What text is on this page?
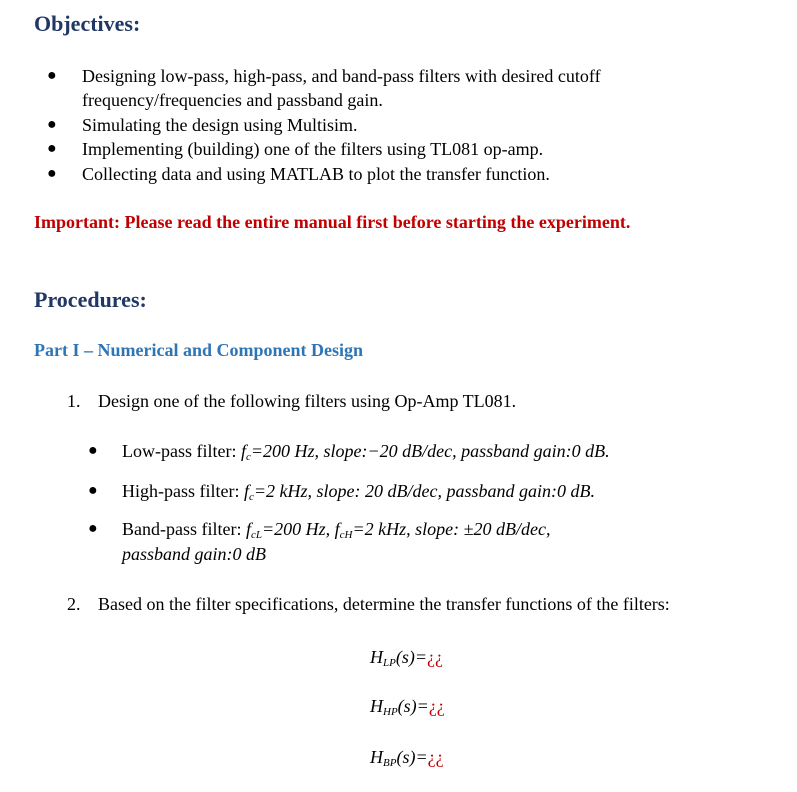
Objectives:
● Designing low-pass, high-pass, and band-pass filters with desired cutoff
frequency/frequencies and passband gain.
● Simulating the design using Multisim.
● Implementing (building) one of the filters using TL081 op-amp.
● Collecting data and using MATLAB to plot the transfer function.
Important: Please read the entire manual first before starting the experiment.
Procedures:
Part I – Numerical and Component Design
1. Design one of the following filters using Op-Amp TL081.
● Low-pass filter: $f_c=200$ Hz, slope:−20 dB/dec, passband gain:0 dB.
● High-pass filter: $f_c=2$ kHz, slope: 20 dB/dec, passband gain:0 dB.
● Band-pass filter: $f_{cL}=200$ Hz, $f_{cH}=2$ kHz, slope: ±20 dB/dec,
passband gain:0 dB
2. Based on the filter specifications, determine the transfer functions of the filters:
$H_{LP}(s)=¿¿$
$H_{HP}(s)=¿¿$
$H_{BP}(s)=¿¿$
